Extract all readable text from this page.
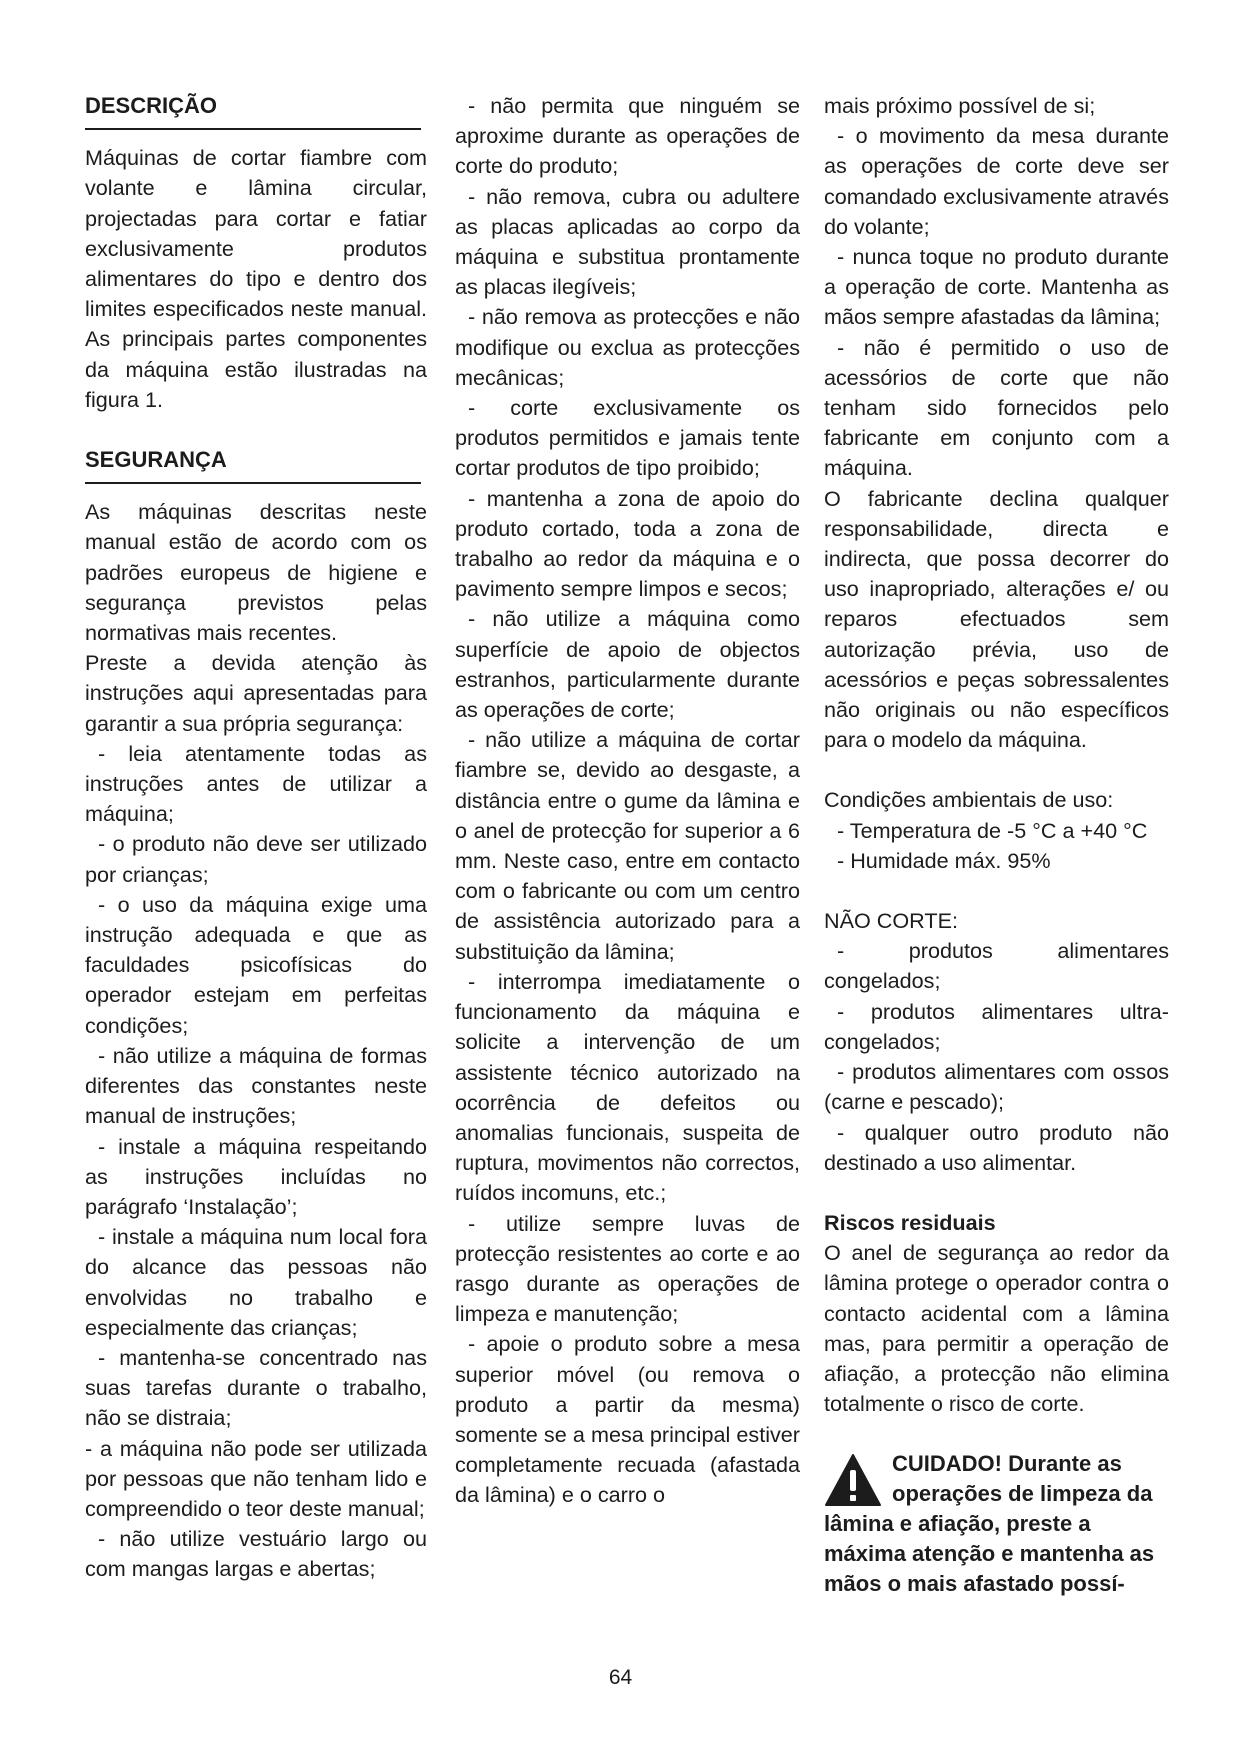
DESCRIÇÃO

Máquinas de cortar fiambre com volante e lâmina circular, projectadas para cortar e fatiar exclusivamente produtos alimentares do tipo e dentro dos limites especificados neste manual. As principais partes componentes da máquina estão ilustradas na figura 1.

SEGURANÇA

As máquinas descritas neste manual estão de acordo com os padrões europeus de higiene e segurança previstos pelas normativas mais recentes.

Preste a devida atenção às instruções aqui apresentadas para garantir a sua própria segurança:

- leia atentamente todas as instruções antes de utilizar a máquina;

- o produto não deve ser utilizado por crianças;

- o uso da máquina exige uma instrução adequada e que as faculdades psicofísicas do operador estejam em perfeitas condições;

- não utilize a máquina de formas diferentes das constantes neste manual de instruções;

- instale a máquina respeitando as instruções incluídas no parágrafo ‘Instalação’;

- instale a máquina num local fora do alcance das pessoas não envolvidas no trabalho e especialmente das crianças;

- mantenha-se concentrado nas suas tarefas durante o trabalho, não se distraia;

- a máquina não pode ser utilizada por pessoas que não tenham lido e compreendido o teor deste manual;

- não utilize vestuário largo ou com mangas largas e abertas;

- não permita que ninguém se aproxime durante as operações de corte do produto;

- não remova, cubra ou adultere as placas aplicadas ao corpo da máquina e substitua prontamente as placas ilegíveis;

- não remova as protecções e não modifique ou exclua as protecções mecânicas;

- corte exclusivamente os produtos permitidos e jamais tente cortar produtos de tipo proibido;

- mantenha a zona de apoio do produto cortado, toda a zona de trabalho ao redor da máquina e o pavimento sempre limpos e secos;

- não utilize a máquina como superfície de apoio de objectos estranhos, particularmente durante as operações de corte;

- não utilize a máquina de cortar fiambre se, devido ao desgaste, a distância entre o gume da lâmina e o anel de protecção for superior a 6 mm. Neste caso, entre em contacto com o fabricante ou com um centro de assistência autorizado para a substituição da lâmina;

- interrompa imediatamente o funcionamento da máquina e solicite a intervenção de um assistente técnico autorizado na ocorrência de defeitos ou anomalias funcionais, suspeita de ruptura, movimentos não correctos, ruídos incomuns, etc.;

- utilize sempre luvas de protecção resistentes ao corte e ao rasgo durante as operações de limpeza e manutenção;

- apoie o produto sobre a mesa superior móvel (ou remova o produto a partir da mesma) somente se a mesa principal estiver completamente recuada (afastada da lâmina) e o carro o

mais próximo possível de si;

- o movimento da mesa durante as operações de corte deve ser comandado exclusivamente através do volante;

- nunca toque no produto durante a operação de corte. Mantenha as mãos sempre afastadas da lâmina;

- não é permitido o uso de acessórios de corte que não tenham sido fornecidos pelo fabricante em conjunto com a máquina.

O fabricante declina qualquer responsabilidade, directa e indirecta, que possa decorrer do uso inapropriado, alterações e/ ou reparos efectuados sem autorização prévia, uso de acessórios e peças sobressalentes não originais ou não específicos para o modelo da máquina.

Condições ambientais de uso:

- Temperatura de -5 °C a +40 °C

- Humidade máx. 95%

NÃO CORTE:

- produtos alimentares congelados;

- produtos alimentares ultra-congelados;

- produtos alimentares com ossos (carne e pescado);

- qualquer outro produto não destinado a uso alimentar.

Riscos residuais

O anel de segurança ao redor da lâmina protege o operador contra o contacto acidental com a lâmina mas, para permitir a operação de afiação, a protecção não elimina totalmente o risco de corte.

CUIDADO! Durante as operações de limpeza da lâmina e afiação, preste a máxima atenção e mantenha as mãos o mais afastado possí-
64
